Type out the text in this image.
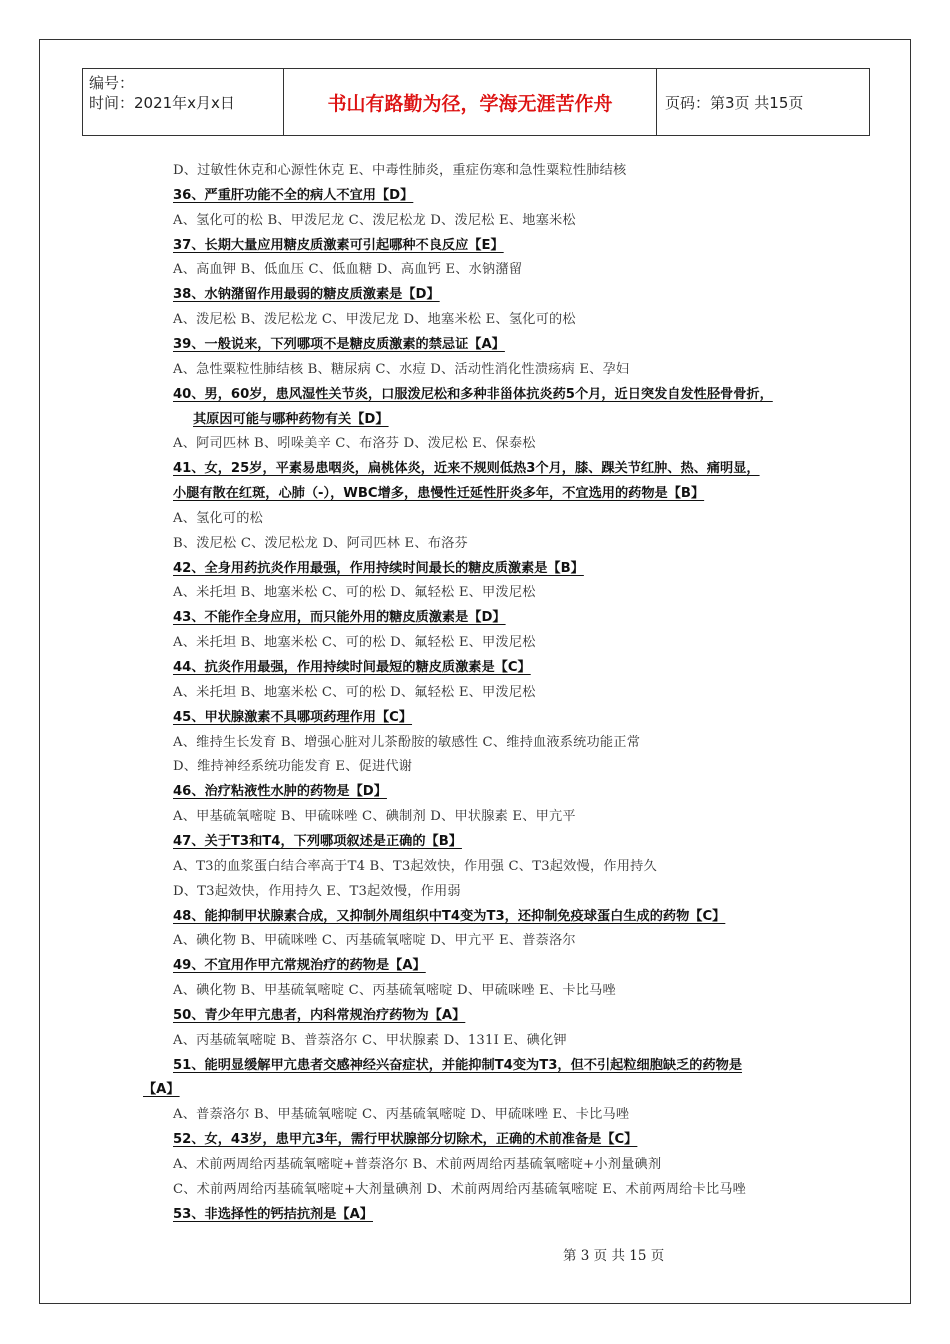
编号：
时间：2021年x月x日	书山有路勤为径，学海无涯苦作舟	页码：第3页 共15页
D、过敏性休克和心源性休克 E、中毒性肺炎，重症伤寒和急性粟粒性肺结核
36、严重肝功能不全的病人不宜用【D】
A、氢化可的松 B、甲泼尼龙 C、泼尼松龙 D、泼尼松 E、地塞米松
37、长期大量应用糖皮质激素可引起哪种不良反应【E】
A、高血钾 B、低血压 C、低血糖 D、高血钙 E、水钠潴留
38、水钠潴留作用最弱的糖皮质激素是【D】
A、泼尼松 B、泼尼松龙 C、甲泼尼龙 D、地塞米松 E、氢化可的松
39、一般说来，下列哪项不是糖皮质激素的禁忌证【A】
A、急性粟粒性肺结核 B、糖尿病 C、水痘 D、活动性消化性溃疡病 E、孕妇
40、男，60岁，患风湿性关节炎，口服泼尼松和多种非甾体抗炎药5个月，近日突发自发性胫骨骨折，
其原因可能与哪种药物有关【D】
A、阿司匹林 B、吲哚美辛 C、布洛芬 D、泼尼松 E、保泰松
41、女，25岁，平素易患咽炎，扁桃体炎，近来不规则低热3个月，膝、踝关节红肿、热、痛明显，
小腿有散在红斑，心肺（-），WBC增多，患慢性迁延性肝炎多年，不宜选用的药物是【B】
A、氢化可的松
B、泼尼松 C、泼尼松龙 D、阿司匹林 E、布洛芬
42、全身用药抗炎作用最强，作用持续时间最长的糖皮质激素是【B】
A、米托坦 B、地塞米松 C、可的松 D、氟轻松 E、甲泼尼松
43、不能作全身应用，而只能外用的糖皮质激素是【D】
A、米托坦 B、地塞米松 C、可的松 D、氟轻松 E、甲泼尼松
44、抗炎作用最强，作用持续时间最短的糖皮质激素是【C】
A、米托坦 B、地塞米松 C、可的松 D、氟轻松 E、甲泼尼松
45、甲状腺激素不具哪项药理作用【C】
A、维持生长发育 B、增强心脏对儿茶酚胺的敏感性 C、维持血液系统功能正常
D、维持神经系统功能发育 E、促进代谢
46、治疗粘液性水肿的药物是【D】
A、甲基硫氧嘧啶 B、甲硫咪唑 C、碘制剂 D、甲状腺素 E、甲亢平
47、关于T3和T4，下列哪项叙述是正确的【B】
A、T3的血浆蛋白结合率高于T4 B、T3起效快，作用强 C、T3起效慢，作用持久
D、T3起效快，作用持久 E、T3起效慢，作用弱
48、能抑制甲状腺素合成，又抑制外周组织中T4变为T3，还抑制免疫球蛋白生成的药物【C】
A、碘化物 B、甲硫咪唑 C、丙基硫氧嘧啶 D、甲亢平 E、普萘洛尔
49、不宜用作甲亢常规治疗的药物是【A】
A、碘化物 B、甲基硫氧嘧啶 C、丙基硫氧嘧啶 D、甲硫咪唑 E、卡比马唑
50、青少年甲亢患者，内科常规治疗药物为【A】
A、丙基硫氧嘧啶 B、普萘洛尔 C、甲状腺素 D、131I E、碘化钾
51、能明显缓解甲亢患者交感神经兴奋症状，并能抑制T4变为T3，但不引起粒细胞缺乏的药物是
【A】
A、普萘洛尔 B、甲基硫氧嘧啶 C、丙基硫氧嘧啶 D、甲硫咪唑 E、卡比马唑
52、女，43岁，患甲亢3年，需行甲状腺部分切除术，正确的术前准备是【C】
A、术前两周给丙基硫氧嘧啶+普萘洛尔 B、术前两周给丙基硫氧嘧啶+小剂量碘剂
C、术前两周给丙基硫氧嘧啶+大剂量碘剂 D、术前两周给丙基硫氧嘧啶 E、术前两周给卡比马唑
53、非选择性的钙拮抗剂是【A】
第 3 页 共 15 页
